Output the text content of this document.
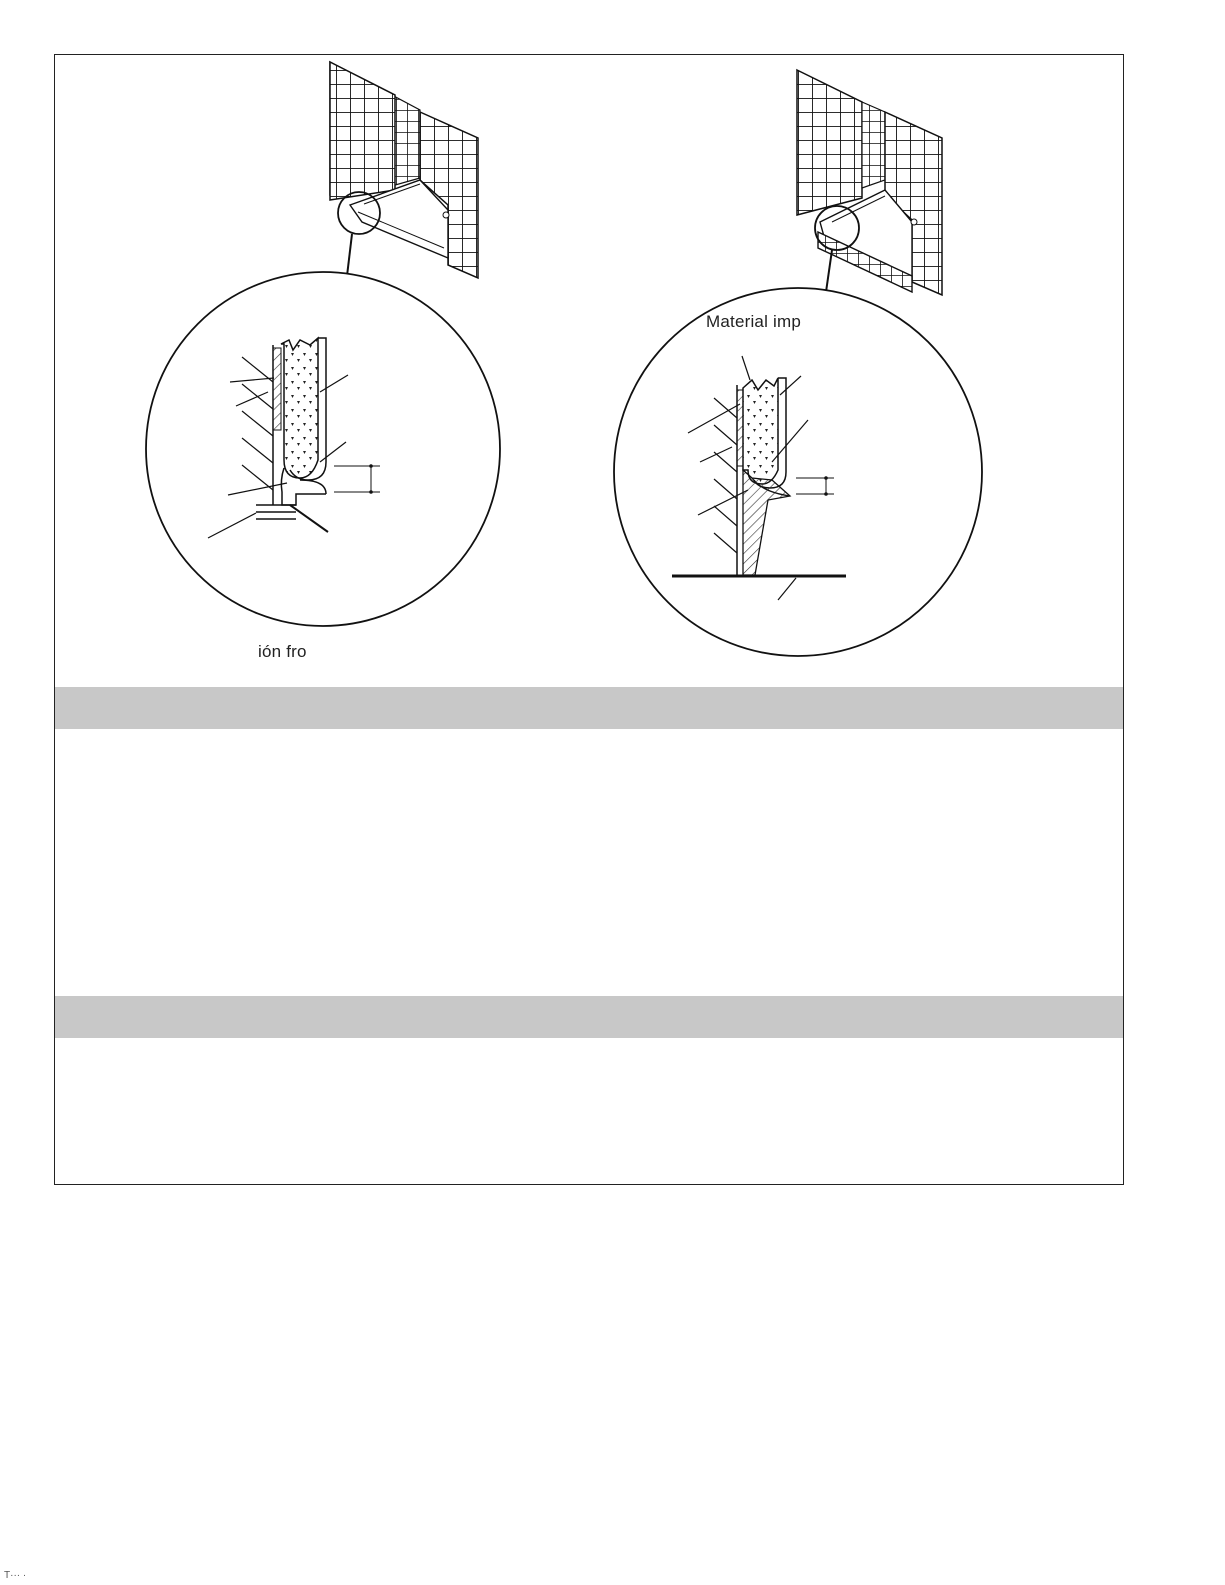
Material imp
ión fro
T··· ·
